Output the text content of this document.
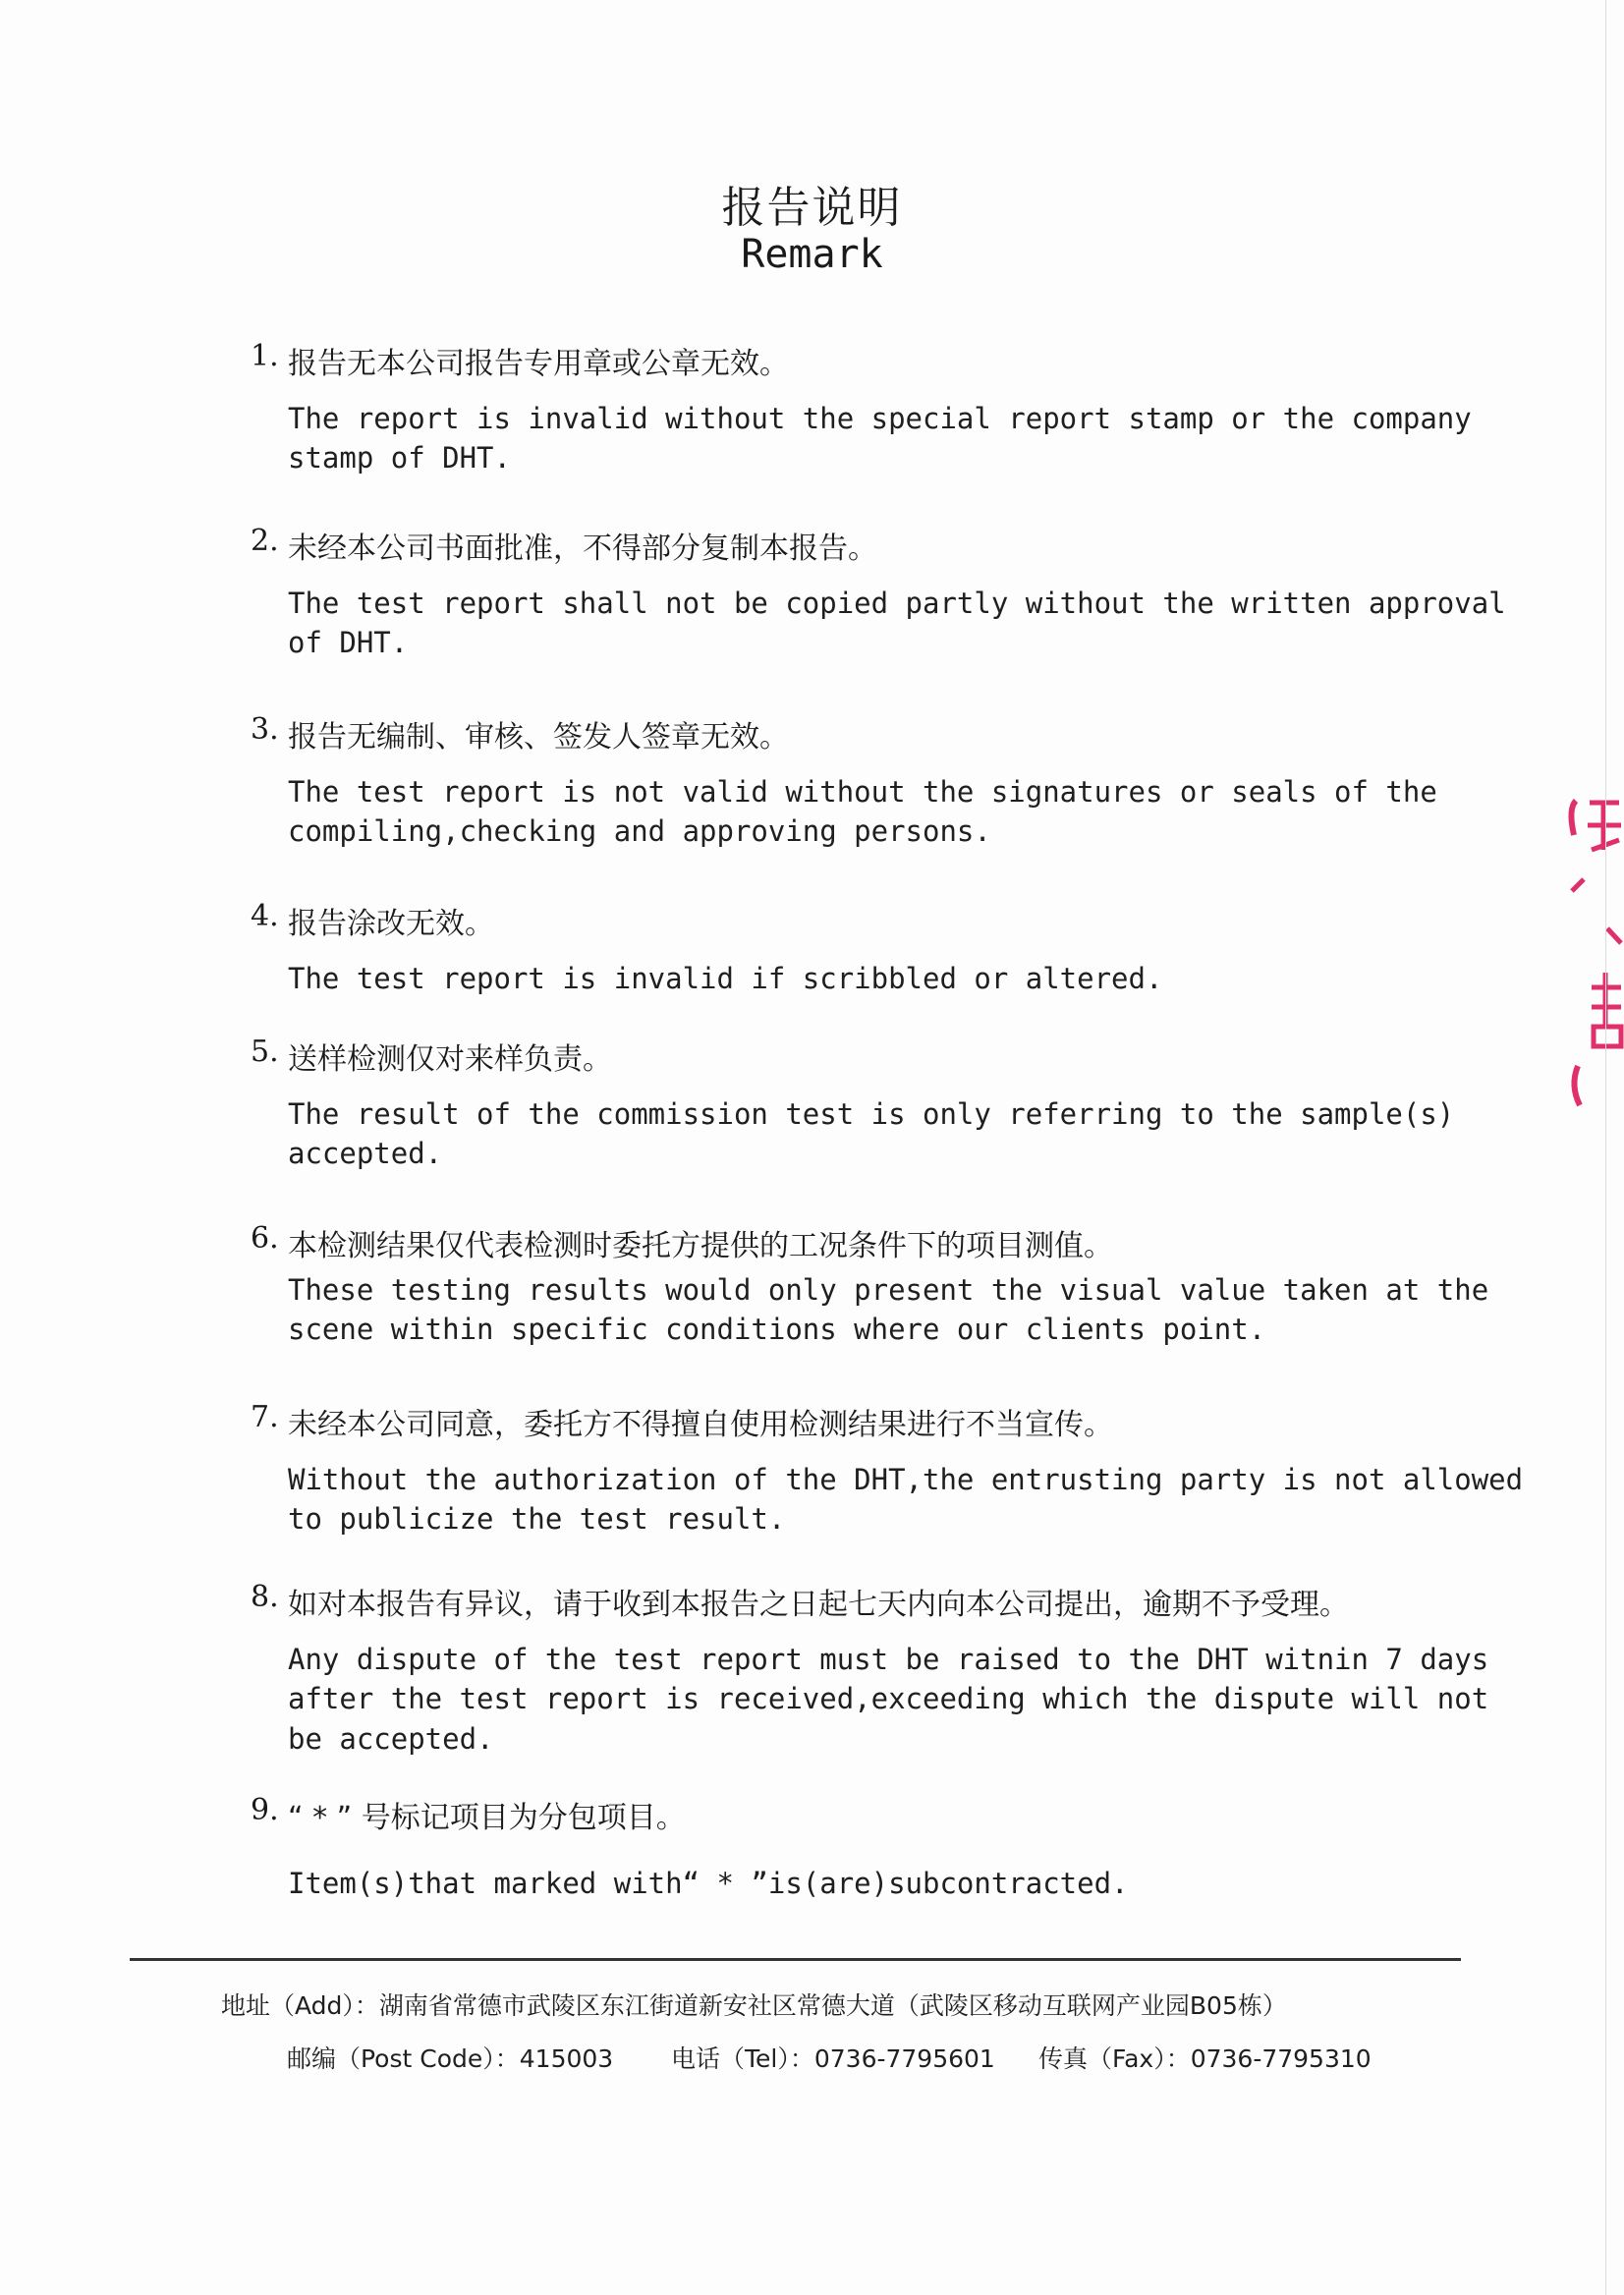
报告说明
Remark
1. 报告无本公司报告专用章或公章无效。
The report is invalid without the special report stamp or the company
stamp of DHT.
2. 未经本公司书面批准，不得部分复制本报告。
The test report shall not be copied partly without the written approval
of DHT.
3. 报告无编制、审核、签发人签章无效。
The test report is not valid without the signatures or seals of the
compiling,checking and approving persons.
4. 报告涂改无效。
The test report is invalid if scribbled or altered.
5. 送样检测仅对来样负责。
The result of the commission test is only referring to the sample(s)
accepted.
6. 本检测结果仅代表检测时委托方提供的工况条件下的项目测值。
These testing results would only present the visual value taken at the
scene within specific conditions where our clients point.
7. 未经本公司同意，委托方不得擅自使用检测结果进行不当宣传。
Without the authorization of the DHT,the entrusting party is not allowed
to publicize the test result.
8. 如对本报告有异议，请于收到本报告之日起七天内向本公司提出，逾期不予受理。
Any dispute of the test report must be raised to the DHT witnin 7 days
after the test report is received,exceeding which the dispute will not
be accepted.
9. “ * ” 号标记项目为分包项目。
Item(s)that marked with“ * ”is(are)subcontracted.
地址（Add）：湖南省常德市武陵区东江街道新安社区常德大道（武陵区移动互联网产业园B05栋）
邮编（Post Code）：415003 电话（Tel）：0736-7795601 传真（Fax）：0736-7795310
